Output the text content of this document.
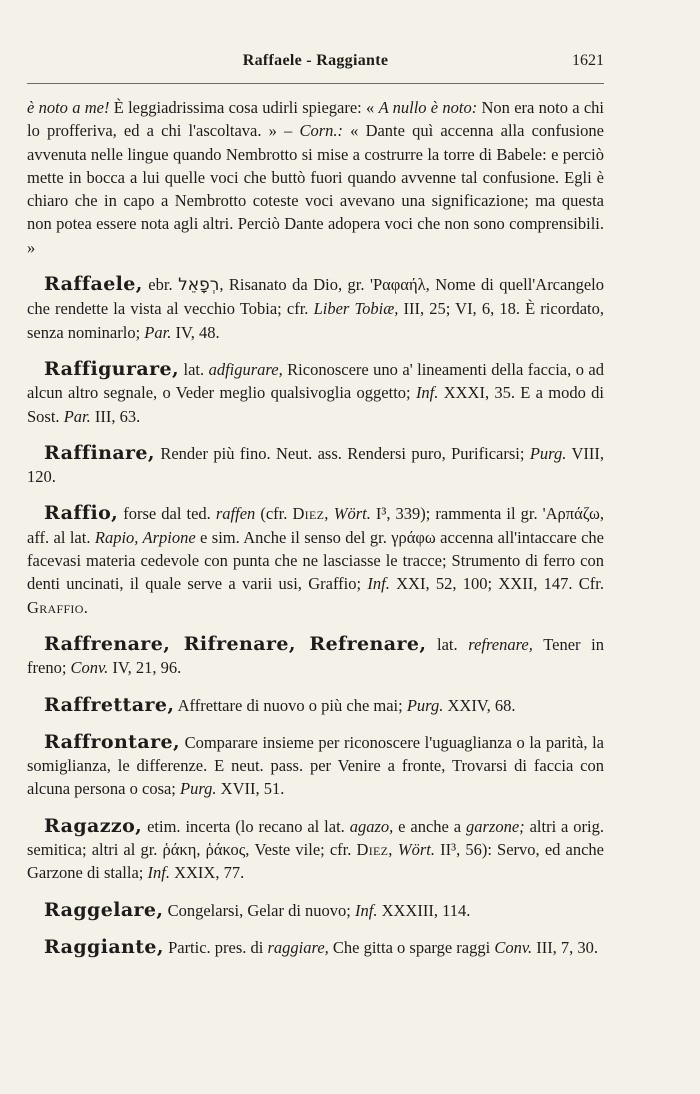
Raffaele - Raggiante	1621

è noto a me! È leggiadrissima cosa udirli spiegare: « A nullo è noto: Non era noto a chi lo profferiva, ed a chi l'ascoltava. » – Corn.: « Dante quì accenna alla confusione avvenuta nelle lingue quando Nembrotto si mise a costrurre la torre di Babele: e perciò mette in bocca a lui quelle voci che buttò fuori quando avvenne tal confusione. Egli è chiaro che in capo a Nembrotto coteste voci avevano una significazione; ma questa non potea essere nota agli altri. Perciò Dante adopera voci che non sono comprensibili. »

Raffaele, ebr. רְפָאֵל, Risanato da Dio, gr. 'Ραφαήλ, Nome di quell'Arcangelo che rendette la vista al vecchio Tobia; cfr. Liber Tobiæ, III, 25; VI, 6, 18. È ricordato, senza nominarlo; Par. IV, 48.

Raffigurare, lat. adfigurare, Riconoscere uno a' lineamenti della faccia, o ad alcun altro segnale, o Veder meglio qualsivoglia oggetto; Inf. XXXI, 35. E a modo di Sost. Par. III, 63.

Raffinare, Render più fino. Neut. ass. Rendersi puro, Purificarsi; Purg. VIII, 120.

Raffio, forse dal ted. raffen (cfr. Diez, Wört. I³, 339); rammenta il gr. 'Αρπάζω, aff. al lat. Rapio, Arpione e sim. Anche il senso del gr. γράφω accenna all'intaccare che facevasi materia cedevole con punta che ne lasciasse le tracce; Strumento di ferro con denti uncinati, il quale serve a varii usi, Graffio; Inf. XXI, 52, 100; XXII, 147. Cfr. Graffio.

Raffrenare, Rifrenare, Refrenare, lat. refrenare, Tener in freno; Conv. IV, 21, 96.

Raffrettare, Affrettare di nuovo o più che mai; Purg. XXIV, 68.

Raffrontare, Comparare insieme per riconoscere l'uguaglianza o la parità, la somiglianza, le differenze. E neut. pass. per Venire a fronte, Trovarsi di faccia con alcuna persona o cosa; Purg. XVII, 51.

Ragazzo, etim. incerta (lo recano al lat. agazo, e anche a garzone; altri a orig. semitica; altri al gr. ῥάκη, ῥάκος, Veste vile; cfr. Diez, Wört. II³, 56): Servo, ed anche Garzone di stalla; Inf. XXIX, 77.

Raggelare, Congelarsi, Gelar di nuovo; Inf. XXXIII, 114.

Raggiante, Partic. pres. di raggiare, Che gitta o sparge raggi Conv. III, 7, 30.
